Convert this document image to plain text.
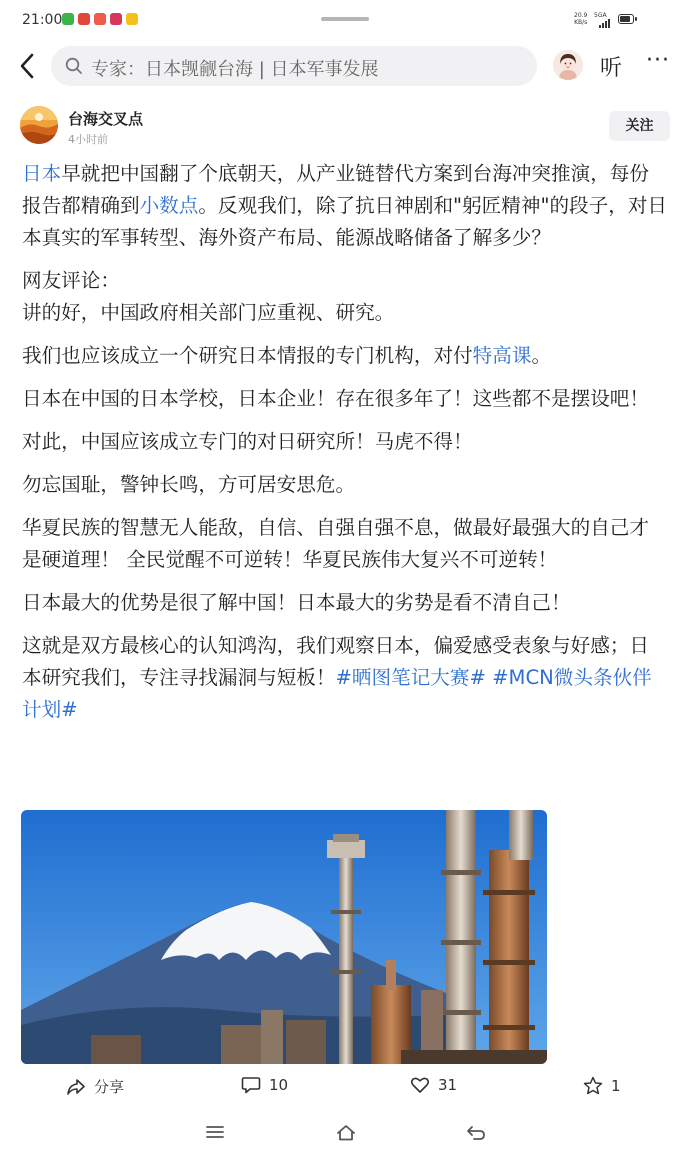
21:00	20.9
KB/s
5GA
专家：日本觊觎台海 | 日本军事发展	听 ···
台海交叉点
4小时前
关注

日本早就把中国翻了个底朝天，从产业链替代方案到台海冲突推演，每份报告都精确到小数点。反观我们，除了抗日神剧和"躬匠精神"的段子，对日本真实的军事转型、海外资产布局、能源战略储备了解多少？

网友评论：

讲的好，中国政府相关部门应重视、研究。

我们也应该成立一个研究日本情报的专门机构，对付特高课。

日本在中国的日本学校，日本企业！存在很多年了！这些都不是摆设吧！

对此，中国应该成立专门的对日研究所！马虎不得！

勿忘国耻，警钟长鸣，方可居安思危。

华夏民族的智慧无人能敌，自信、自强自强不息，做最好最强大的自己才是硬道理！ 全民觉醒不可逆转！华夏民族伟大复兴不可逆转！

日本最大的优势是很了解中国！日本最大的劣势是看不清自己！

这就是双方最核心的认知鸿沟，我们观察日本，偏爱感受表象与好感；日本研究我们，专注寻找漏洞与短板！#晒图笔记大赛# #MCN微头条伙伴计划#

分享	10	31	1
